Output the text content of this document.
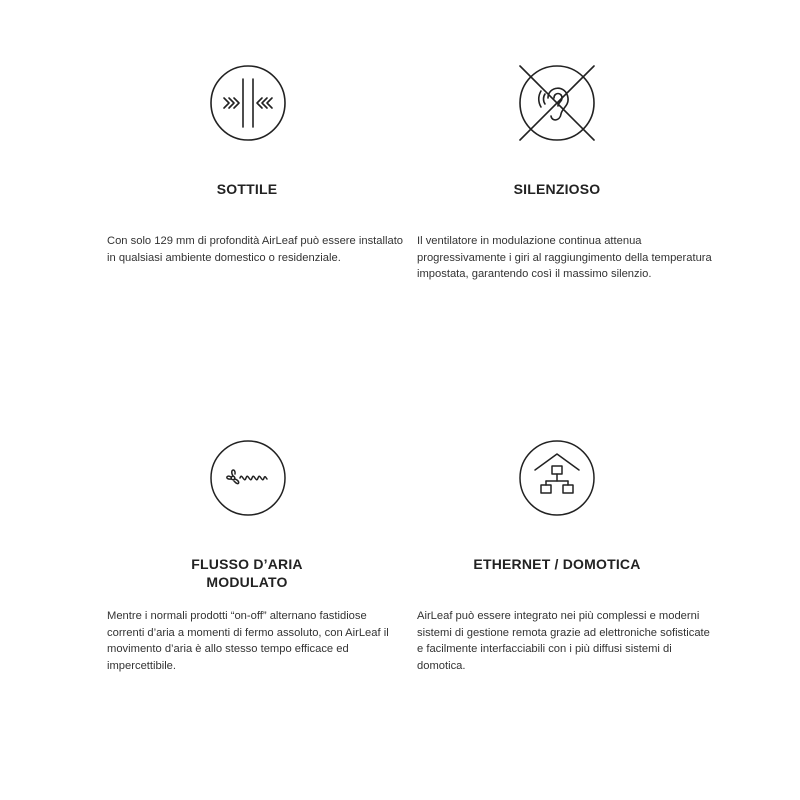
SOTTILE
Con solo 129 mm di profondità AirLeaf può essere installato in qualsiasi ambiente domestico o residenziale.
SILENZIOSO
Il ventilatore in modulazione continua attenua progressivamente i giri al raggiungimento della temperatura impostata, garantendo così il massimo silenzio.
FLUSSO D’ARIA MODULATO
Mentre i normali prodotti “on-off” alternano fastidiose correnti d’aria a momenti di fermo assoluto, con AirLeaf il movimento d’aria è allo stesso tempo efficace ed impercettibile.
ETHERNET / DOMOTICA
AirLeaf può essere integrato nei più complessi e moderni sistemi di gestione remota grazie ad elettroniche sofisticate e facilmente interfacciabili con i più diffusi sistemi di domotica.
